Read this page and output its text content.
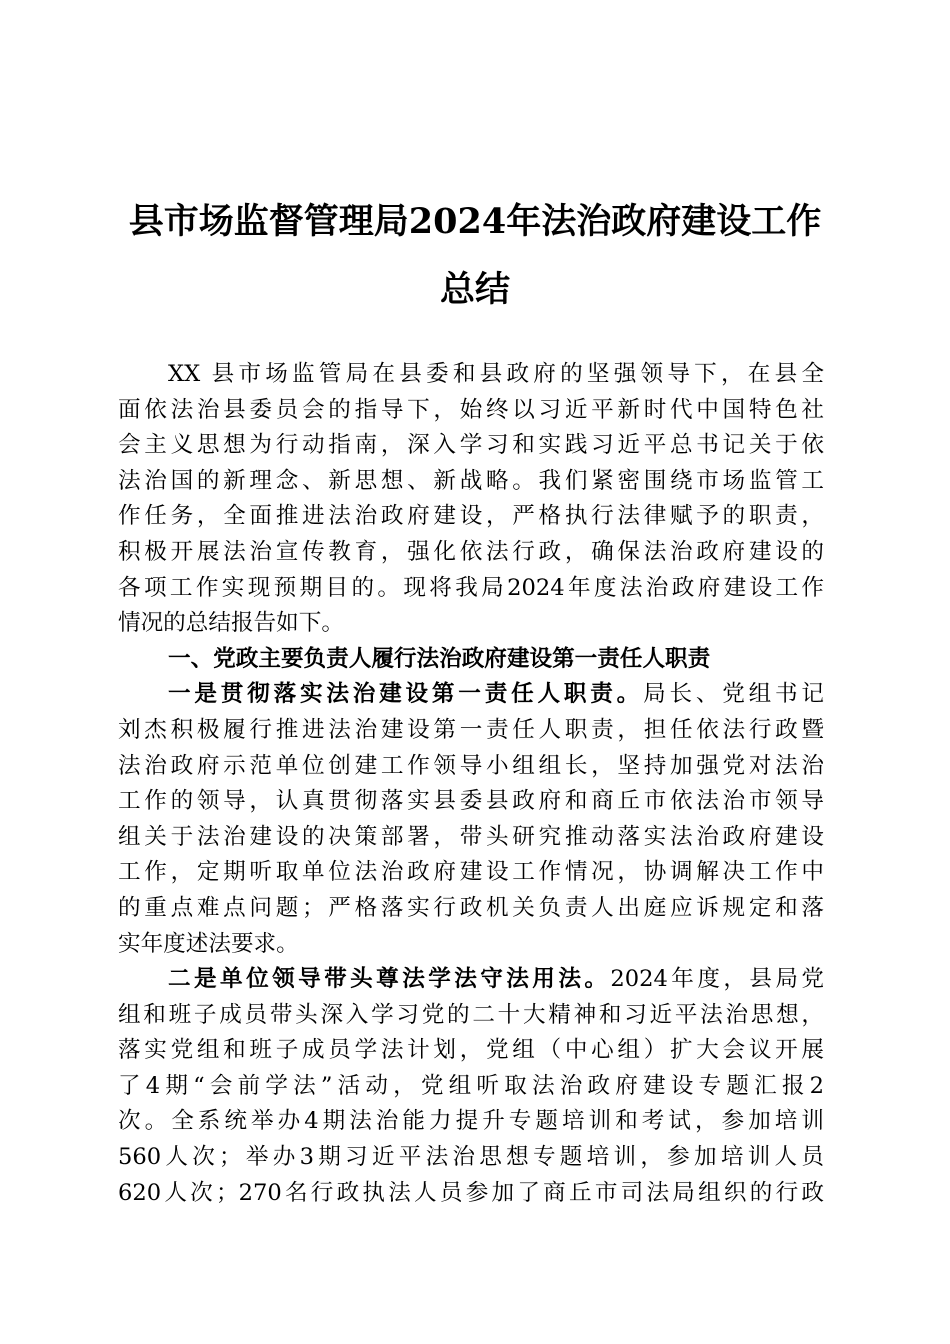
县市场监督管理局2024年法治政府建设工作
总结
XX 县市场监管局在县委和县政府的坚强领导下，在县全
面依法治县委员会的指导下，始终以习近平新时代中国特色社
会主义思想为行动指南，深入学习和实践习近平总书记关于依
法治国的新理念、新思想、新战略。我们紧密围绕市场监管工
作任务，全面推进法治政府建设，严格执行法律赋予的职责，
积极开展法治宣传教育，强化依法行政，确保法治政府建设的
各项工作实现预期目的。现将我局2024年度法治政府建设工作
情况的总结报告如下。
一、党政主要负责人履行法治政府建设第一责任人职责
一是贯彻落实法治建设第一责任人职责。局长、党组书记
刘杰积极履行推进法治建设第一责任人职责，担任依法行政暨
法治政府示范单位创建工作领导小组组长，坚持加强党对法治
工作的领导，认真贯彻落实县委县政府和商丘市依法治市领导
组关于法治建设的决策部署，带头研究推动落实法治政府建设
工作，定期听取单位法治政府建设工作情况，协调解决工作中
的重点难点问题；严格落实行政机关负责人出庭应诉规定和落
实年度述法要求。
二是单位领导带头尊法学法守法用法。2024年度，县局党
组和班子成员带头深入学习党的二十大精神和习近平法治思想，
落实党组和班子成员学法计划，党组（中心组）扩大会议开展
了4期“会前学法”活动，党组听取法治政府建设专题汇报2
次。全系统举办4期法治能力提升专题培训和考试，参加培训
560人次；举办3期习近平法治思想专题培训，参加培训人员
620人次；270名行政执法人员参加了商丘市司法局组织的行政
